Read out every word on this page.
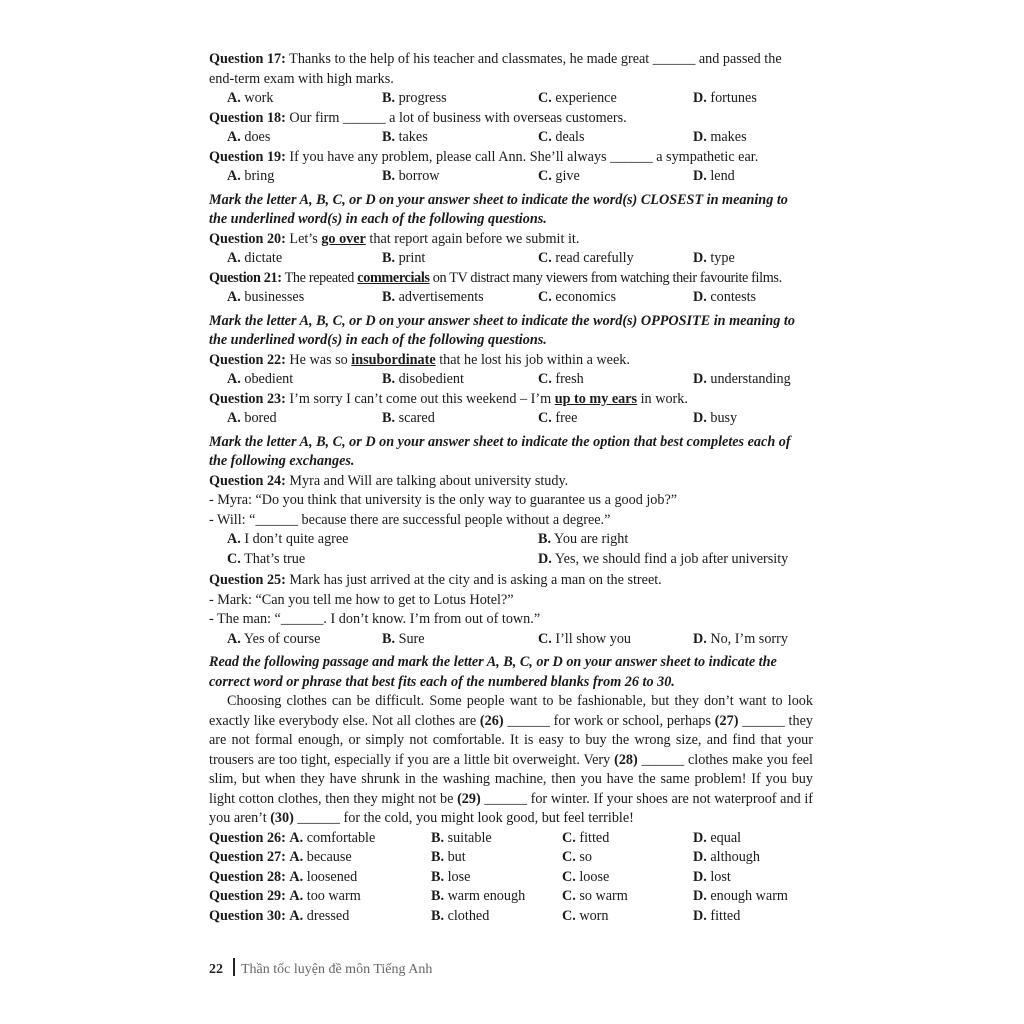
Question 17: Thanks to the help of his teacher and classmates, he made great ______ and passed the
end-term exam with high marks.
A. work	B. progress	C. experience	D. fortunes
Question 18: Our firm ______ a lot of business with overseas customers.
A. does	B. takes	C. deals	D. makes
Question 19: If you have any problem, please call Ann. She’ll always ______ a sympathetic ear.
A. bring	B. borrow	C. give	D. lend
Mark the letter A, B, C, or D on your answer sheet to indicate the word(s) CLOSEST in meaning to
the underlined word(s) in each of the following questions.
Question 20: Let’s go over that report again before we submit it.
A. dictate	B. print	C. read carefully	D. type
Question 21: The repeated commercials on TV distract many viewers from watching their favourite films.
A. businesses	B. advertisements	C. economics	D. contests
Mark the letter A, B, C, or D on your answer sheet to indicate the word(s) OPPOSITE in meaning to
the underlined word(s) in each of the following questions.
Question 22: He was so insubordinate that he lost his job within a week.
A. obedient	B. disobedient	C. fresh	D. understanding
Question 23: I’m sorry I can’t come out this weekend – I’m up to my ears in work.
A. bored	B. scared	C. free	D. busy
Mark the letter A, B, C, or D on your answer sheet to indicate the option that best completes each of
the following exchanges.
Question 24: Myra and Will are talking about university study.
- Myra: “Do you think that university is the only way to guarantee us a good job?”
- Will: “______ because there are successful people without a degree.”
A. I don’t quite agree	B. You are right
C. That’s true	D. Yes, we should find a job after university
Question 25: Mark has just arrived at the city and is asking a man on the street.
- Mark: “Can you tell me how to get to Lotus Hotel?”
- The man: “______. I don’t know. I’m from out of town.”
A. Yes of course	B. Sure	C. I’ll show you	D. No, I’m sorry
Read the following passage and mark the letter A, B, C, or D on your answer sheet to indicate the
correct word or phrase that best fits each of the numbered blanks from 26 to 30.
Choosing clothes can be difficult. Some people want to be fashionable, but they don’t want to look exactly like everybody else. Not all clothes are (26) ______ for work or school, perhaps (27) ______ they are not formal enough, or simply not comfortable. It is easy to buy the wrong size, and find that your trousers are too tight, especially if you are a little bit overweight. Very (28) ______ clothes make you feel slim, but when they have shrunk in the washing machine, then you have the same problem! If you buy light cotton clothes, then they might not be (29) ______ for winter. If your shoes are not waterproof and if you aren’t (30) ______ for the cold, you might look good, but feel terrible!
Question 26: A. comfortable	B. suitable	C. fitted	D. equal
Question 27: A. because	B. but	C. so	D. although
Question 28: A. loosened	B. lose	C. loose	D. lost
Question 29: A. too warm	B. warm enough	C. so warm	D. enough warm
Question 30: A. dressed	B. clothed	C. worn	D. fitted
22 Thần tốc luyện đề môn Tiếng Anh
